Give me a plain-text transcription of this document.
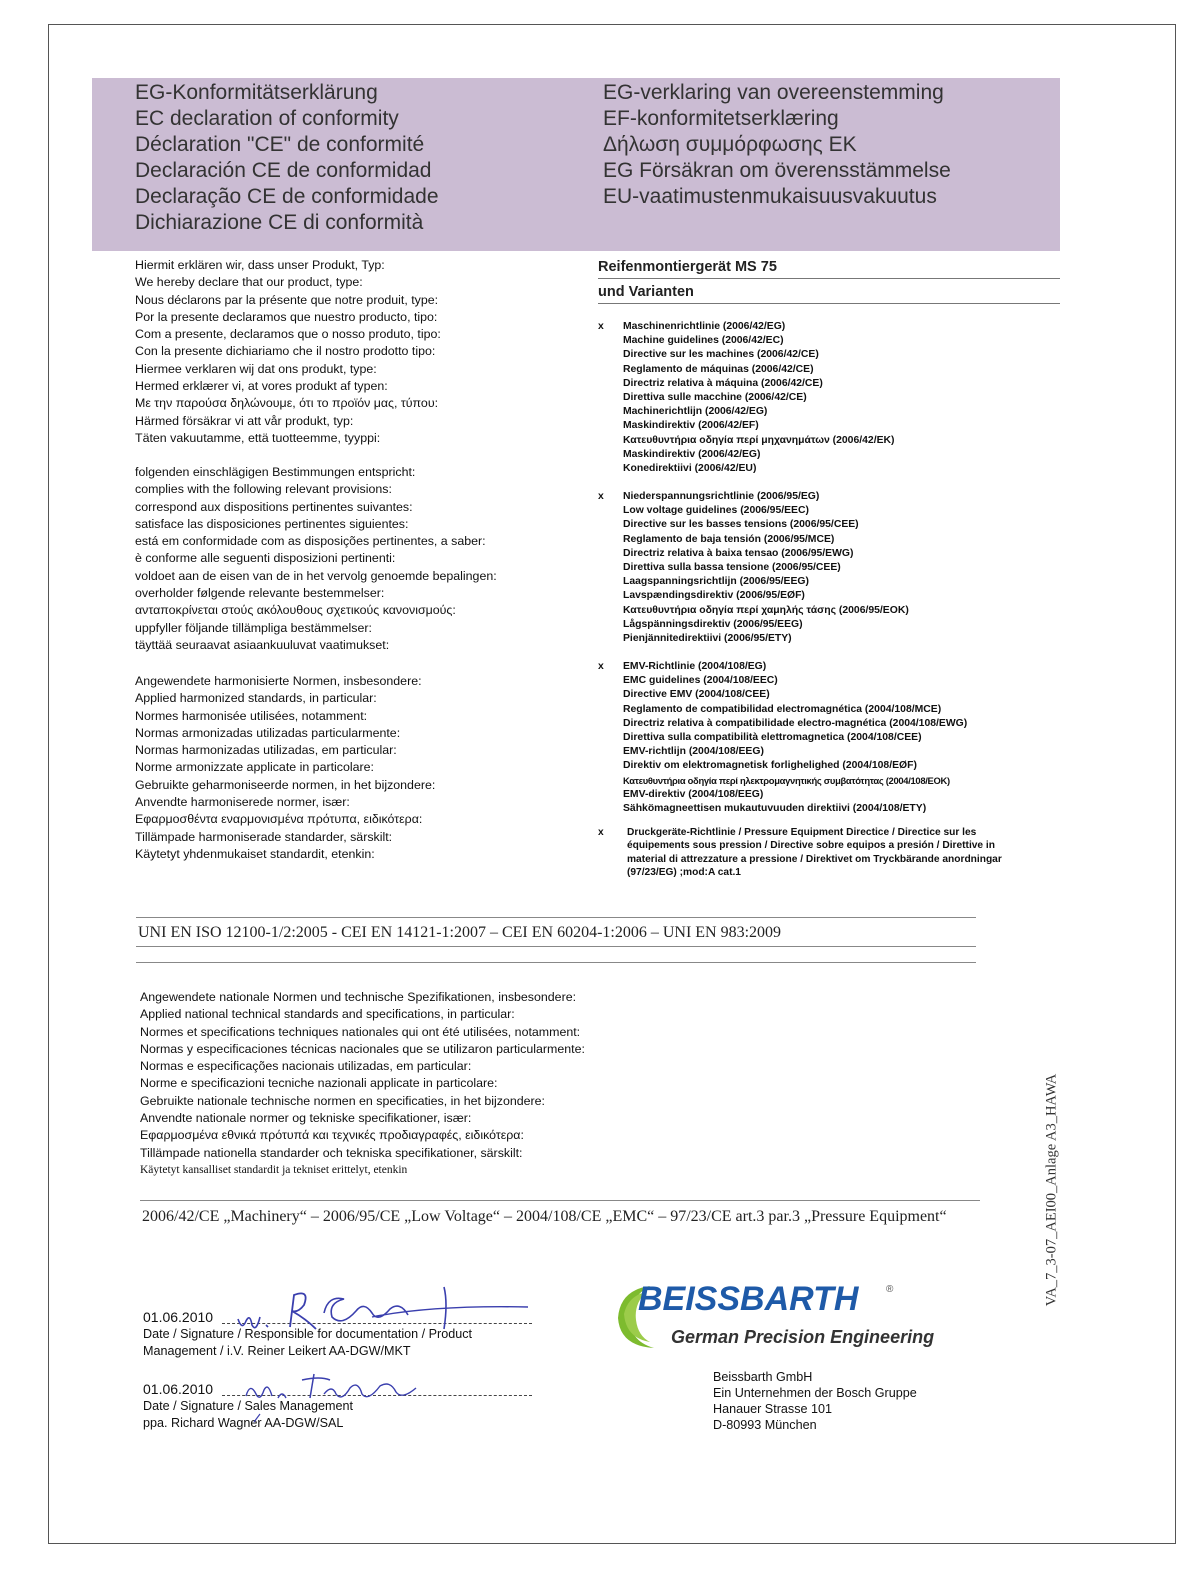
EG-Konformitätserklärung
EC declaration of conformity
Déclaration "CE" de conformité
Declaración CE de conformidad
Declaração CE de conformidade
Dichiarazione CE di conformità
EG-verklaring van overeenstemming
EF-konformitetserklæring
Δήλωση συμμόρφωσης ΕΚ
EG Försäkran om överensstämmelse
EU-vaatimustenmukaisuusvakuutus
Hiermit erklären wir, dass unser Produkt, Typ:
We hereby declare that our product, type:
Nous déclarons par la présente que notre produit, type:
Por la presente declaramos que nuestro producto, tipo:
Com a presente, declaramos que o nosso produto, tipo:
Con la presente dichiariamo che il nostro prodotto tipo:
Hiermee verklaren wij dat ons produkt, type:
Hermed erklærer vi, at vores produkt af typen:
Με την παρούσα δηλώνουμε, ότι το προϊόν μας, τύπου:
Härmed försäkrar vi att vår produkt, typ:
Täten vakuutamme, että tuotteemme, tyyppi:
folgenden einschlägigen Bestimmungen entspricht:
complies with the following relevant provisions:
correspond aux dispositions pertinentes suivantes:
satisface las disposiciones pertinentes siguientes:
está em conformidade com as disposições pertinentes, a saber:
è conforme alle seguenti disposizioni pertinenti:
voldoet aan de eisen van de in het vervolg genoemde bepalingen:
overholder følgende relevante bestemmelser:
ανταποκρίνεται στούς ακόλουθους σχετικούς κανονισμούς:
uppfyller följande tillämpliga bestämmelser:
täyttää seuraavat asiaankuuluvat vaatimukset:
Angewendete harmonisierte Normen, insbesondere:
Applied harmonized standards, in particular:
Normes harmonisée utilisées, notamment:
Normas armonizadas utilizadas particularmente:
Normas harmonizadas utilizadas, em particular:
Norme armonizzate applicate in particolare:
Gebruikte geharmoniseerde normen, in het bijzondere:
Anvendte harmoniserede normer, især:
Εφαρμοσθέντα εναρμονισμένα πρότυπα, ειδικότερα:
Tillämpade harmoniserade standarder, särskilt:
Käytetyt yhdenmukaiset standardit, etenkin:
Reifenmontiergerät MS 75
und Varianten
x	Maschinenrichtlinie (2006/42/EG)
Machine guidelines (2006/42/EC)
Directive sur les machines (2006/42/CE)
Reglamento de máquinas (2006/42/CE)
Directriz relativa à máquina (2006/42/CE)
Direttiva sulle macchine (2006/42/CE)
Machinerichtlijn (2006/42/EG)
Maskindirektiv (2006/42/EF)
Κατευθυντήρια οδηγία περί μηχανημάτων (2006/42/ΕΚ)
Maskindirektiv (2006/42/EG)
Konedirektiivi (2006/42/EU)
x	Niederspannungsrichtlinie (2006/95/EG)
Low voltage guidelines (2006/95/EEC)
Directive sur les basses tensions (2006/95/CEE)
Reglamento de baja tensión (2006/95/MCE)
Directriz relativa à baixa tensao (2006/95/EWG)
Direttiva sulla bassa tensione (2006/95/CEE)
Laagspanningsrichtlijn (2006/95/EEG)
Lavspændingsdirektiv (2006/95/EØF)
Κατευθυντήρια οδηγία περί χαμηλής τάσης (2006/95/ΕΟΚ)
Lågspänningsdirektiv (2006/95/EEG)
Pienjännitedirektiivi (2006/95/ETY)
x	EMV-Richtlinie (2004/108/EG)
EMC guidelines (2004/108/EEC)
Directive EMV (2004/108/CEE)
Reglamento de compatibilidad electromagnética (2004/108/MCE)
Directriz relativa à compatibilidade electro-magnética (2004/108/EWG)
Direttiva sulla compatibilità elettromagnetica (2004/108/CEE)
EMV-richtlijn (2004/108/EEG)
Direktiv om elektromagnetisk forlighelighed (2004/108/EØF)
Κατευθυντήρια οδηγία περί ηλεκτρομαγνητικής συμβατότητας (2004/108/ΕΟΚ)
EMV-direktiv (2004/108/EEG)
Sähkömagneettisen mukautuvuuden direktiivi (2004/108/ETY)
x Druckgeräte-Richtlinie / Pressure Equipment Directice / Directice sur les équipements sous pression / Directive sobre equipos a presión / Direttive in material di attrezzature a pressione / Direktivet om Tryckbärande anordningar (97/23/EG) ;mod:A cat.1
UNI EN ISO 12100-1/2:2005 - CEI EN 14121-1:2007 – CEI EN 60204-1:2006 – UNI EN 983:2009
Angewendete nationale Normen und technische Spezifikationen, insbesondere:
Applied national technical standards and specifications, in particular:
Normes et specifications techniques nationales qui ont été utilisées, notamment:
Normas y especificaciones técnicas nacionales que se utilizaron particularmente:
Normas e especificações nacionais utilizadas, em particular:
Norme e specificazioni tecniche nazionali applicate in particolare:
Gebruikte nationale technische normen en specificaties, in het bijzondere:
Anvendte nationale normer og tekniske specifikationer, især:
Εφαρμοσμένα εθνικά πρότυπά και τεχνικές προδιαγραφές, ειδικότερα:
Tillämpade nationella standarder och tekniska specifikationer, särskilt:
Käytetyt kansalliset standardit ja tekniset erittelyt, etenkin
2006/42/CE „Machinery“ – 2006/95/CE „Low Voltage“ – 2004/108/CE „EMC“ – 97/23/CE art.3 par.3 „Pressure Equipment“
01.06.2010
Date / Signature / Responsible for documentation / Product Management / i.V. Reiner Leikert AA-DGW/MKT
01.06.2010
Date / Signature / Sales Management
ppa. Richard Wagner AA-DGW/SAL
BEISSBARTH	®
German Precision Engineering
Beissbarth GmbH
Ein Unternehmen der Bosch Gruppe
Hanauer Strasse 101
D-80993 München
VA_7_3-07_AEI00_Anlage A3_HAWA
